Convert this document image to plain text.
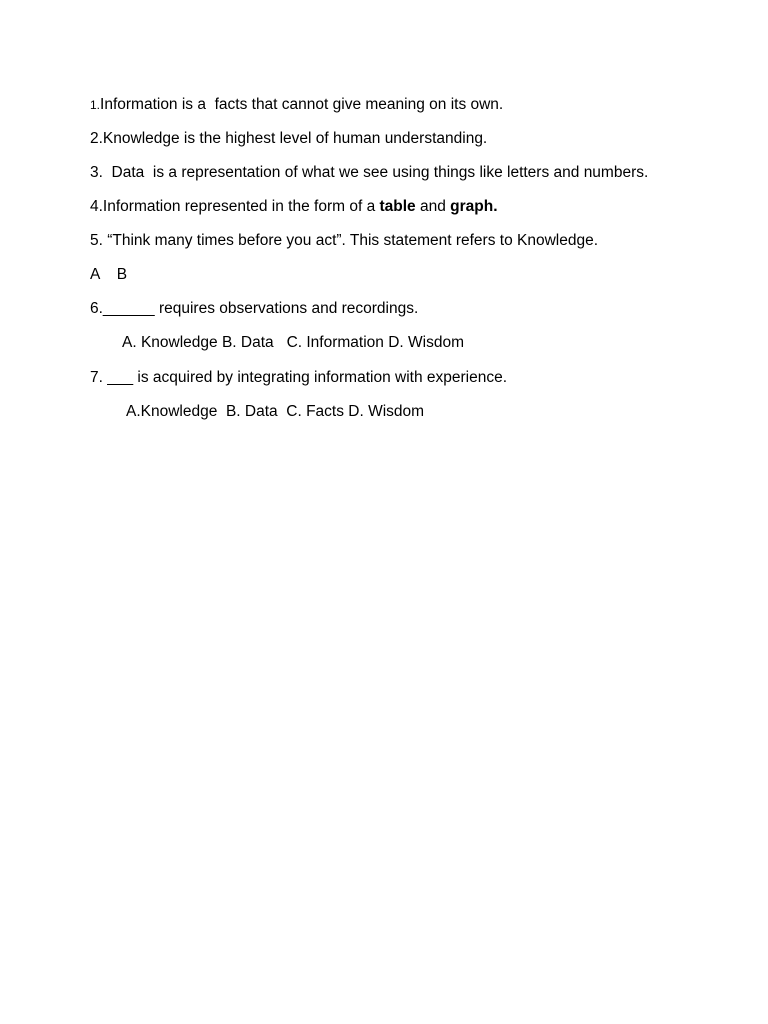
1.Information is a  facts that cannot give meaning on its own.
2.Knowledge is the highest level of human understanding.
3.  Data  is a representation of what we see using things like letters and numbers.
4.Information represented in the form of a table and graph.
5. “Think many times before you act”. This statement refers to Knowledge.
A    B
6.______ requires observations and recordings.
A. Knowledge B. Data   C. Information D. Wisdom
7. ___ is acquired by integrating information with experience.
A.Knowledge  B. Data  C. Facts D. Wisdom
